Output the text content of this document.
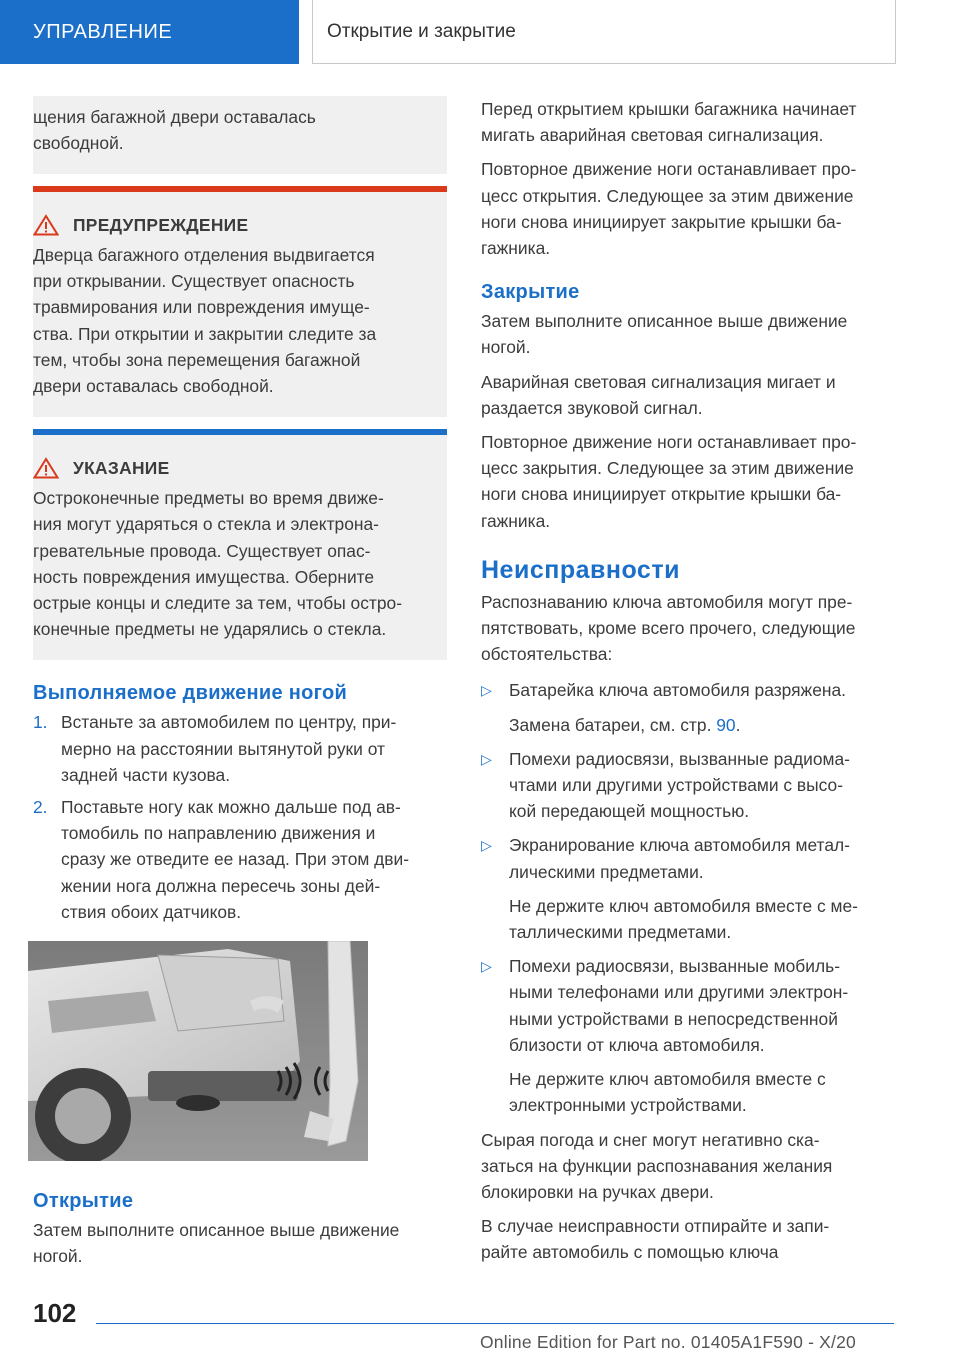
УПРАВЛЕНИЕ	Открытие и закрытие

щения багажной двери оставалась

свободной.

ПРЕДУПРЕЖДЕНИЕ

Дверца багажного отделения выдвигается

при открывании. Существует опасность

травмирования или повреждения имуще-

ства. При открытии и закрытии следите за

тем, чтобы зона перемещения багажной

двери оставалась свободной.

УКАЗАНИЕ

Остроконечные предметы во время движе-

ния могут ударяться о стекла и электрона-

гревательные провода. Существует опас-

ность повреждения имущества. Оберните

острые концы и следите за тем, чтобы остро-

конечные предметы не ударялись о стекла.

Выполняемое движение ногой
1. Встаньте за автомобилем по центру, при-

мерно на расстоянии вытянутой руки от

задней части кузова.

2. Поставьте ногу как можно дальше под ав-

томобиль по направлению движения и

сразу же отведите ее назад. При этом дви-

жении нога должна пересечь зоны дей-

ствия обоих датчиков.

Открытие

Затем выполните описанное выше движение

ногой.

Перед открытием крышки багажника начинает

мигать аварийная световая сигнализация.

Повторное движение ноги останавливает про-

цесс открытия. Следующее за этим движение

ноги снова инициирует закрытие крышки ба-

гажника.

Закрытие

Затем выполните описанное выше движение

ногой.

Аварийная световая сигнализация мигает и

раздается звуковой сигнал.

Повторное движение ноги останавливает про-

цесс закрытия. Следующее за этим движение

ноги снова инициирует открытие крышки ба-

гажника.

Неисправности

Распознаванию ключа автомобиля могут пре-

пятствовать, кроме всего прочего, следующие

обстоятельства:

▷ Батарейка ключа автомобиля разряжена.

Замена батареи, см. стр. 90.

▷ Помехи радиосвязи, вызванные радиома-

чтами или другими устройствами с высо-

кой передающей мощностью.

▷ Экранирование ключа автомобиля метал-

лическими предметами.

Не держите ключ автомобиля вместе с ме-

таллическими предметами.

▷ Помехи радиосвязи, вызванные мобиль-

ными телефонами или другими электрон-

ными устройствами в непосредственной

близости от ключа автомобиля.

Не держите ключ автомобиля вместе с

электронными устройствами.

Сырая погода и снег могут негативно ска-

заться на функции распознавания желания

блокировки на ручках двери.

В случае неисправности отпирайте и запи-

райте автомобиль с помощью ключа

102
Online Edition for Part no. 01405A1F590 - X/20
